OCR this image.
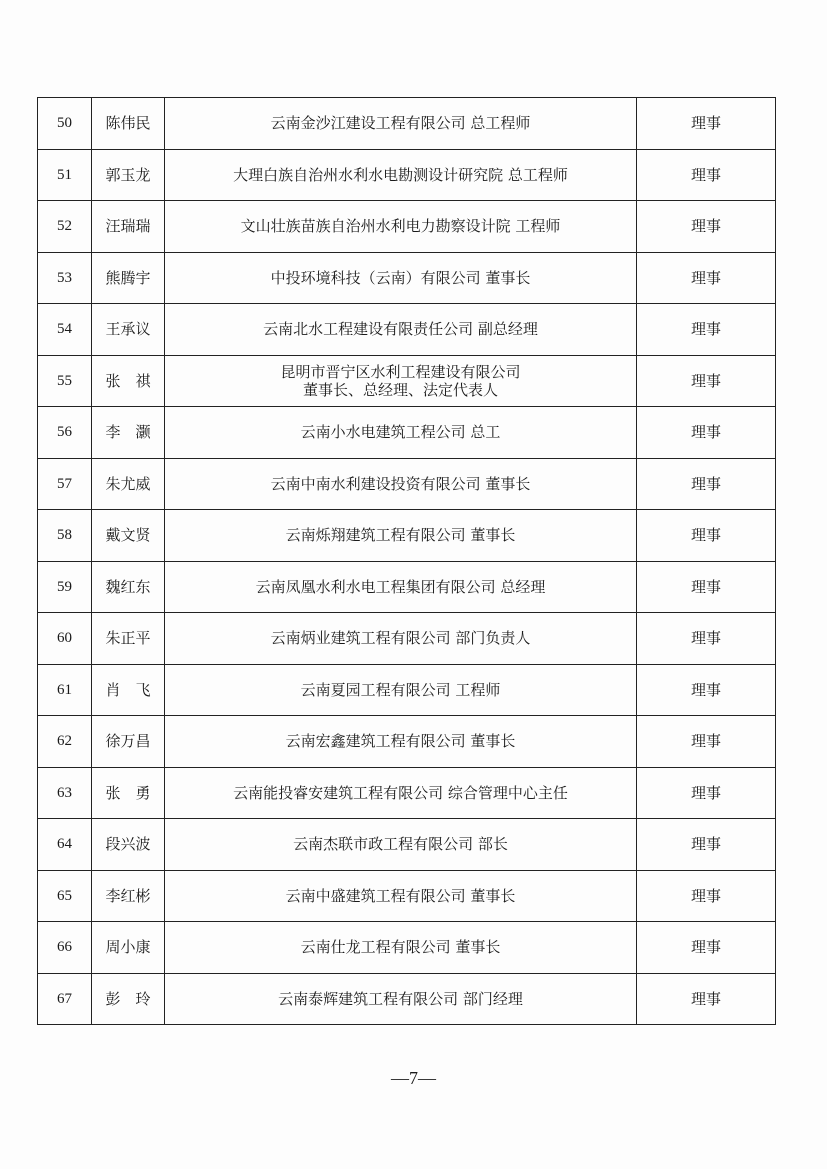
50	陈伟民	云南金沙江建设工程有限公司 总工程师	理事
51	郭玉龙	大理白族自治州水利水电勘测设计研究院 总工程师	理事
52	汪瑞瑞	文山壮族苗族自治州水利电力勘察设计院 工程师	理事
53	熊腾宇	中投环境科技（云南）有限公司 董事长	理事
54	王承议	云南北水工程建设有限责任公司 副总经理	理事
55	张　祺	昆明市晋宁区水利工程建设有限公司
董事长、总经理、法定代表人	理事
56	李　灏	云南小水电建筑工程公司 总工	理事
57	朱尤威	云南中南水利建设投资有限公司 董事长	理事
58	戴文贤	云南烁翔建筑工程有限公司 董事长	理事
59	魏红东	云南凤凰水利水电工程集团有限公司 总经理	理事
60	朱正平	云南炳业建筑工程有限公司 部门负责人	理事
61	肖　飞	云南夏园工程有限公司 工程师	理事
62	徐万昌	云南宏鑫建筑工程有限公司 董事长	理事
63	张　勇	云南能投睿安建筑工程有限公司 综合管理中心主任	理事
64	段兴波	云南杰联市政工程有限公司 部长	理事
65	李红彬	云南中盛建筑工程有限公司 董事长	理事
66	周小康	云南仕龙工程有限公司 董事长	理事
67	彭　玲	云南泰辉建筑工程有限公司 部门经理	理事
—7—
